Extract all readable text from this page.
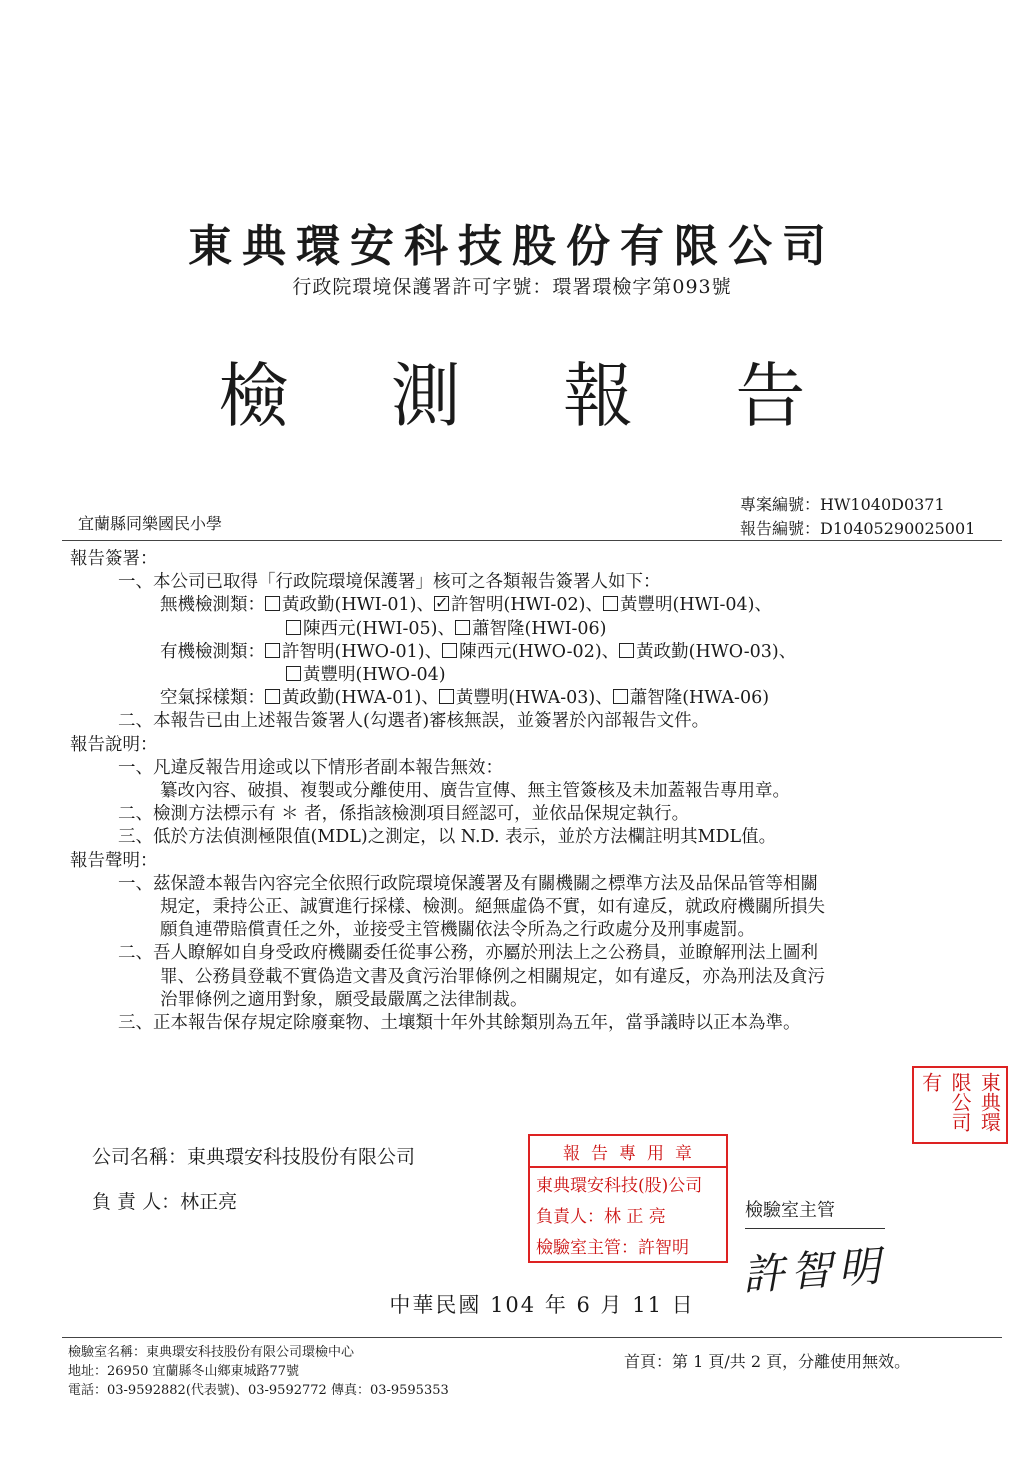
東典環安科技股份有限公司
行政院環境保護署許可字號：環署環檢字第093號
檢 測 報 告
宜蘭縣同樂國民小學
專案編號：HW1040D0371
報告編號：D10405290025001
報告簽署：
一、本公司已取得「行政院環境保護署」核可之各類報告簽署人如下：
無機檢測類： 黃政勤(HWI-01)、✓ 許智明(HWI-02)、 黃豐明(HWI-04)、
陳西元(HWI-05)、 蕭智隆(HWI-06)
有機檢測類： 許智明(HWO-01)、 陳西元(HWO-02)、 黃政勤(HWO-03)、
黃豐明(HWO-04)
空氣採樣類： 黃政勤(HWA-01)、 黃豐明(HWA-03)、 蕭智隆(HWA-06)
二、本報告已由上述報告簽署人(勾選者)審核無誤，並簽署於內部報告文件。
報告說明：
一、凡違反報告用途或以下情形者副本報告無效：
纂改內容、破損、複製或分離使用、廣告宣傳、無主管簽核及未加蓋報告專用章。
二、檢測方法標示有 ＊ 者，係指該檢測項目經認可，並依品保規定執行。
三、低於方法偵測極限值(MDL)之測定，以 N.D. 表示，並於方法欄註明其MDL值。
報告聲明：
一、茲保證本報告內容完全依照行政院環境保護署及有關機關之標準方法及品保品管等相關
規定，秉持公正、誠實進行採樣、檢測。絕無虛偽不實，如有違反，就政府機關所損失
願負連帶賠償責任之外，並接受主管機關依法令所為之行政處分及刑事處罰。
二、吾人瞭解如自身受政府機關委任從事公務，亦屬於刑法上之公務員，並瞭解刑法上圖利
罪、公務員登載不實偽造文書及貪污治罪條例之相關規定，如有違反，亦為刑法及貪污
治罪條例之適用對象，願受最嚴厲之法律制裁。
三、正本報告保存規定除廢棄物、土壤類十年外其餘類別為五年，當爭議時以正本為準。
東典環
限公司
有
公司名稱：東典環安科技股份有限公司
負 責 人：林正亮
報告專用章
東典環安科技(股)公司
負責人：林 正 亮
檢驗室主管：許智明
檢驗室主管
許智明
中華民國 104 年 6 月 11 日
檢驗室名稱：東典環安科技股份有限公司環檢中心
地址：26950 宜蘭縣冬山鄉東城路77號
電話：03-9592882(代表號)、03-9592772 傳真：03-9595353
首頁：第 1 頁/共 2 頁，分離使用無效。
